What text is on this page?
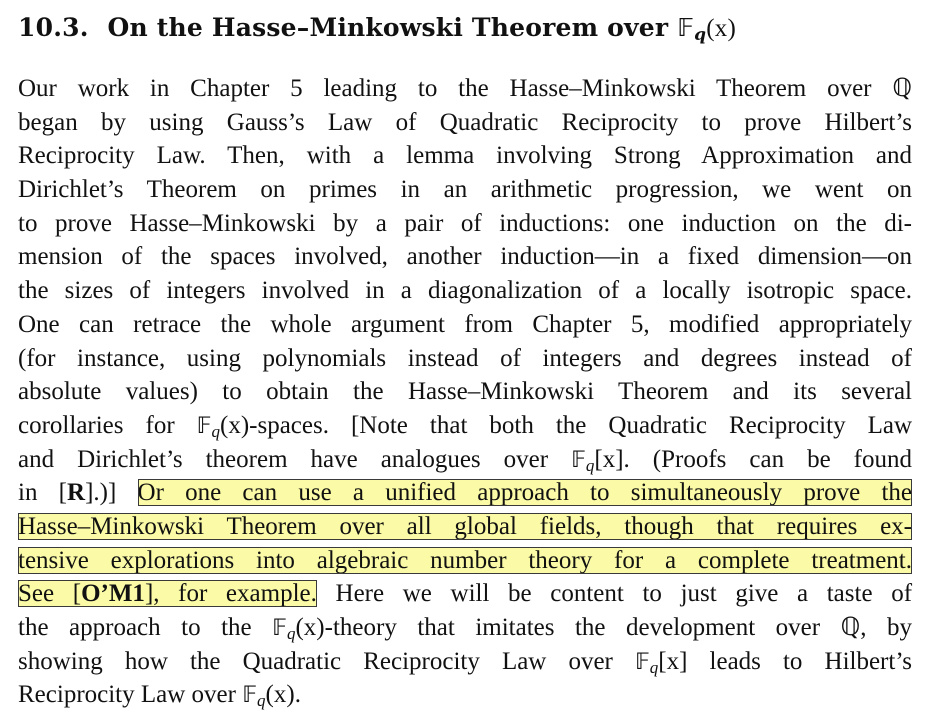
10.3. On the Hasse–Minkowski Theorem over 𝔽$_q$(x)
Our work in Chapter 5 leading to the Hasse–Minkowski Theorem over ℚ
began by using Gauss’s Law of Quadratic Reciprocity to prove Hilbert’s
Reciprocity Law. Then, with a lemma involving Strong Approximation and
Dirichlet’s Theorem on primes in an arithmetic progression, we went on
to prove Hasse–Minkowski by a pair of inductions: one induction on the di-
mension of the spaces involved, another induction—in a fixed dimension—on
the sizes of integers involved in a diagonalization of a locally isotropic space.
One can retrace the whole argument from Chapter 5, modified appropriately
(for instance, using polynomials instead of integers and degrees instead of
absolute values) to obtain the Hasse–Minkowski Theorem and its several
corollaries for 𝔽$_q$(x)-spaces. [Note that both the Quadratic Reciprocity Law
and Dirichlet’s theorem have analogues over 𝔽$_q$[x]. (Proofs can be found
in [R].)] Or one can use a unified approach to simultaneously prove the
Hasse–Minkowski Theorem over all global fields, though that requires ex-
tensive explorations into algebraic number theory for a complete treatment.
See [O’M1], for example. Here we will be content to just give a taste of
the approach to the 𝔽$_q$(x)-theory that imitates the development over ℚ, by
showing how the Quadratic Reciprocity Law over 𝔽$_q$[x] leads to Hilbert’s
Reciprocity Law over 𝔽$_q$(x).
